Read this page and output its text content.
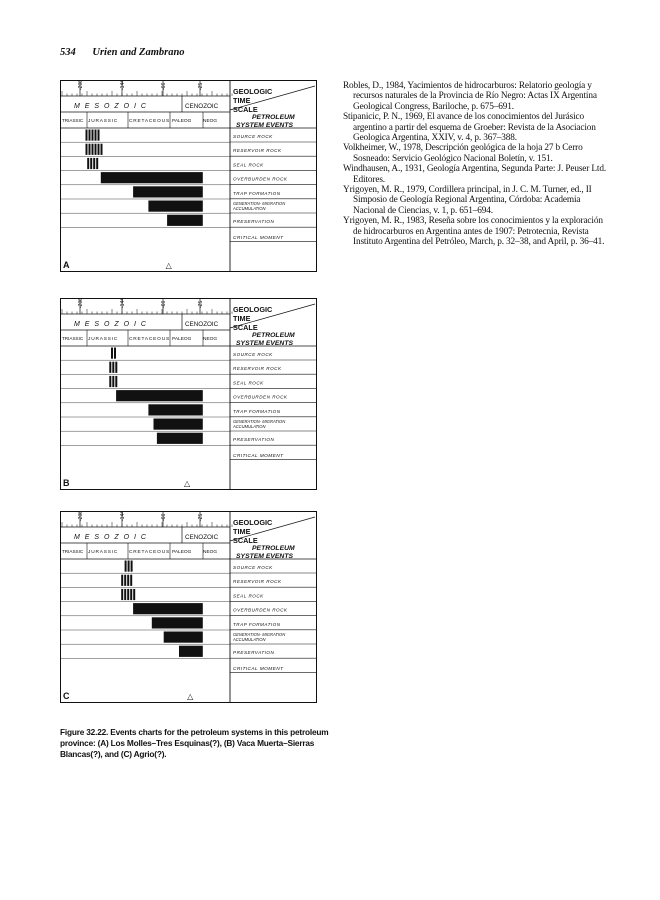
534 Urien and Zambrano
-208	-144	-66	-25
M E S O Z O I C	CENOZOIC
TRIASSIC JURASSIC CRETACEOUS PALEOG NEOG
GEOLOGIC
TIME
SCALE
PETROLEUM
SYSTEM EVENTS
SOURCE ROCK
RESERVOIR ROCK
SEAL ROCK
OVERBURDEN ROCK
TRAP FORMATION
PRESERVATION
GENERATION- MIGRATION
ACCUMULATION
CRITICAL MOMENT
A	△
-208	-144	-66	-25
M E S O Z O I C	CENOZOIC
TRIASSIC JURASSIC CRETACEOUS PALEOG NEOG
GEOLOGIC
TIME
SCALE
PETROLEUM
SYSTEM EVENTS
SOURCE ROCK
RESERVOIR ROCK
SEAL ROCK
OVERBURDEN ROCK
TRAP FORMATION
PRESERVATION
GENERATION- MIGRATION
ACCUMULATION
CRITICAL MOMENT
B	△
-208	-144	-66	-25
M E S O Z O I C	CENOZOIC
TRIASSIC JURASSIC CRETACEOUS PALEOG NEOG
GEOLOGIC
TIME
SCALE
PETROLEUM
SYSTEM EVENTS
SOURCE ROCK
RESERVOIR ROCK
SEAL ROCK
OVERBURDEN ROCK
TRAP FORMATION
PRESERVATION
GENERATION- MIGRATION
ACCUMULATION
CRITICAL MOMENT
C	△

Robles, D., 1984, Yacimientos de hidrocarburos: Relatorio geología y recursos naturales de la Provincia de Río Negro: Actas IX Argentina Geological Congress, Bariloche, p. 675–691.

Stipanicic, P. N., 1969, El avance de los conocimientos del Jurásico argentino a partir del esquema de Groeber: Revista de la Asociacion Geologica Argentina, XXIV, v. 4, p. 367–388.

Volkheimer, W., 1978, Descripción geológica de la hoja 27 b Cerro Sosneado: Servicio Geológico Nacional Boletín, v. 151.

Windhausen, A., 1931, Geología Argentina, Segunda Parte: J. Peuser Ltd. Editores.

Yrigoyen, M. R., 1979, Cordillera principal, in J. C. M. Turner, ed., II Simposio de Geología Regional Argentina, Córdoba: Academia Nacional de Ciencias, v. 1, p. 651–694.

Yrigoyen, M. R., 1983, Reseña sobre los conocimientos y la exploración de hidrocarburos en Argentina antes de 1907: Petrotecnia, Revista Instituto Argentina del Petróleo, March, p. 32–38, and April, p. 36–41.

Figure 32.22. Events charts for the petroleum systems in this petroleum province: (A) Los Molles–Tres Esquinas(?), (B) Vaca Muerta–Sierras Blancas(?), and (C) Agrio(?).
